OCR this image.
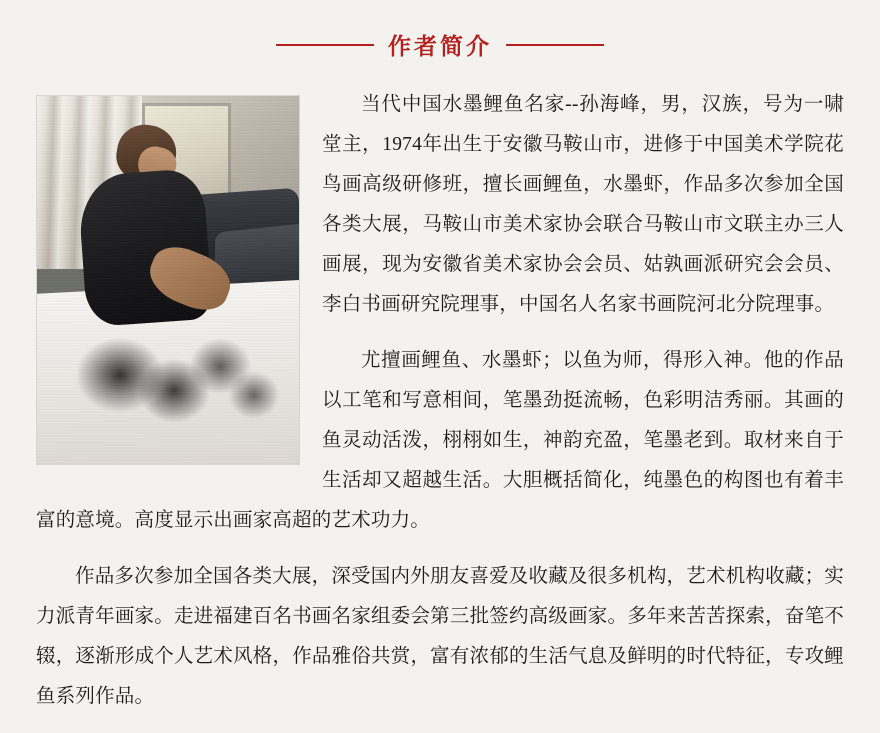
作者简介

当代中国水墨鲤鱼名家--孙海峰，男，汉族，号为一啸堂主，1974年出生于安徽马鞍山市，进修于中国美术学院花鸟画高级研修班，擅长画鲤鱼，水墨虾，作品多次参加全国各类大展，马鞍山市美术家协会联合马鞍山市文联主办三人画展，现为安徽省美术家协会会员、姑孰画派研究会会员、李白书画研究院理事，中国名人名家书画院河北分院理事。

尤擅画鲤鱼、水墨虾；以鱼为师，得形入神。他的作品以工笔和写意相间，笔墨劲挺流畅，色彩明洁秀丽。其画的鱼灵动活泼，栩栩如生，神韵充盈，笔墨老到。取材来自于生活却又超越生活。大胆概括简化，纯墨色的构图也有着丰富的意境。高度显示出画家高超的艺术功力。

作品多次参加全国各类大展，深受国内外朋友喜爱及收藏及很多机构，艺术机构收藏；实力派青年画家。走进福建百名书画名家组委会第三批签约高级画家。多年来苦苦探索，奋笔不辍，逐渐形成个人艺术风格，作品雅俗共赏，富有浓郁的生活气息及鲜明的时代特征，专攻鲤鱼系列作品。
